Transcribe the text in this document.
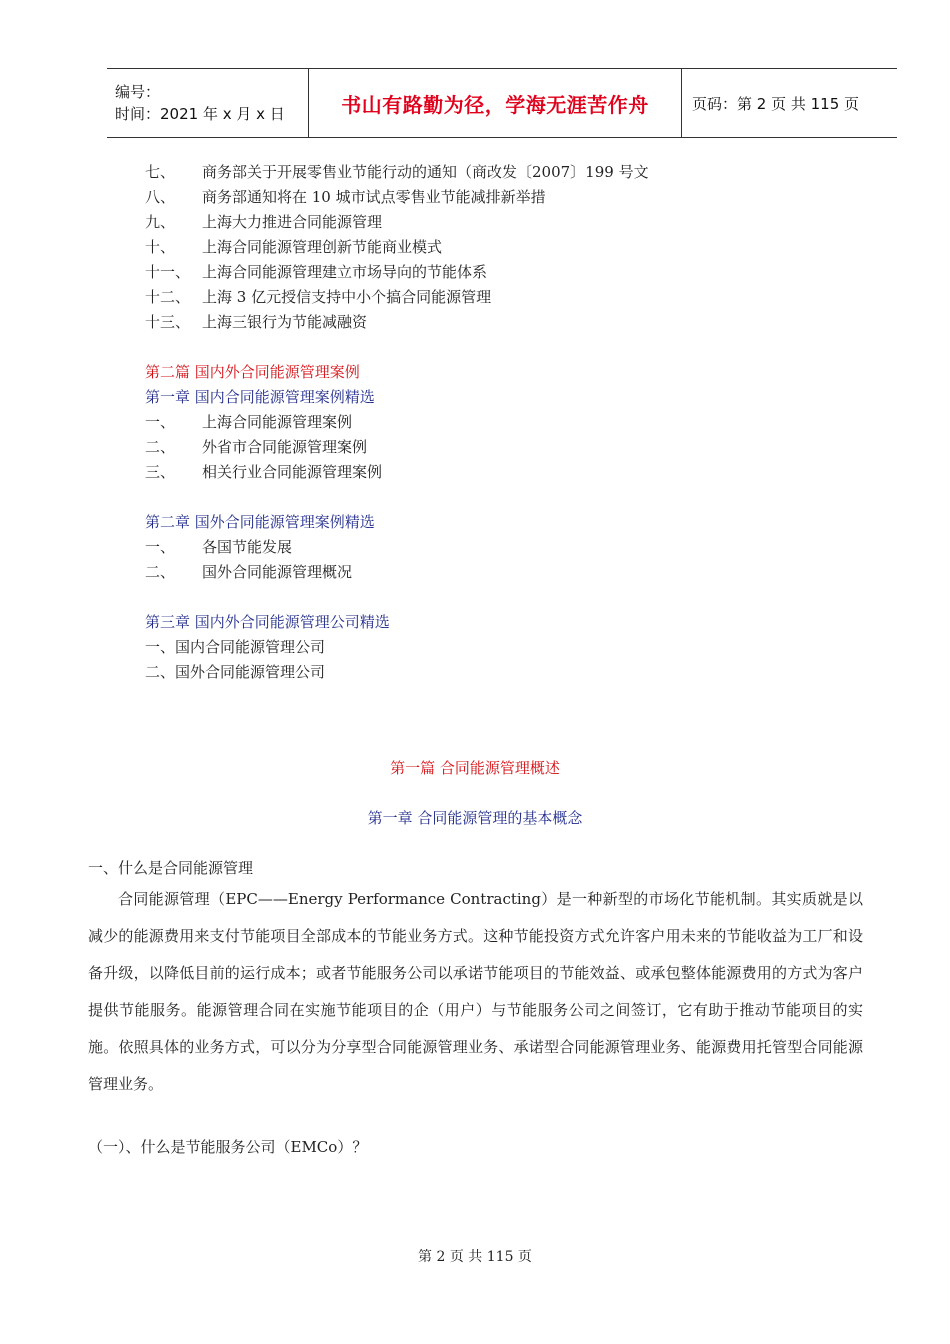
编号：
时间：2021 年 x 月 x 日	书山有路勤为径，学海无涯苦作舟	页码：第 2 页 共 115 页
七、	商务部关于开展零售业节能行动的通知（商改发〔2007〕199 号文
八、	商务部通知将在 10 城市试点零售业节能减排新举措
九、	上海大力推进合同能源管理
十、	上海合同能源管理创新节能商业模式
十一、 上海合同能源管理建立市场导向的节能体系
十二、 上海 3 亿元授信支持中小个搞合同能源管理
十三、 上海三银行为节能减融资
第二篇 国内外合同能源管理案例
第一章 国内合同能源管理案例精选
一、	上海合同能源管理案例
二、	外省市合同能源管理案例
三、	相关行业合同能源管理案例
第二章 国外合同能源管理案例精选
一、	各国节能发展
二、	国外合同能源管理概况
第三章 国内外合同能源管理公司精选
一、国内合同能源管理公司
二、国外合同能源管理公司
第一篇 合同能源管理概述
第一章 合同能源管理的基本概念
一、什么是合同能源管理

合同能源管理（EPC——Energy Performance Contracting）是一种新型的市场化节能机制。其实质就是以减少的能源费用来支付节能项目全部成本的节能业务方式。这种节能投资方式允许客户用未来的节能收益为工厂和设备升级，以降低目前的运行成本；或者节能服务公司以承诺节能项目的节能效益、或承包整体能源费用的方式为客户提供节能服务。能源管理合同在实施节能项目的企（用户）与节能服务公司之间签订，它有助于推动节能项目的实施。依照具体的业务方式，可以分为分享型合同能源管理业务、承诺型合同能源管理业务、能源费用托管型合同能源管理业务。

（一）、什么是节能服务公司（EMCo）？
第 2 页 共 115 页
